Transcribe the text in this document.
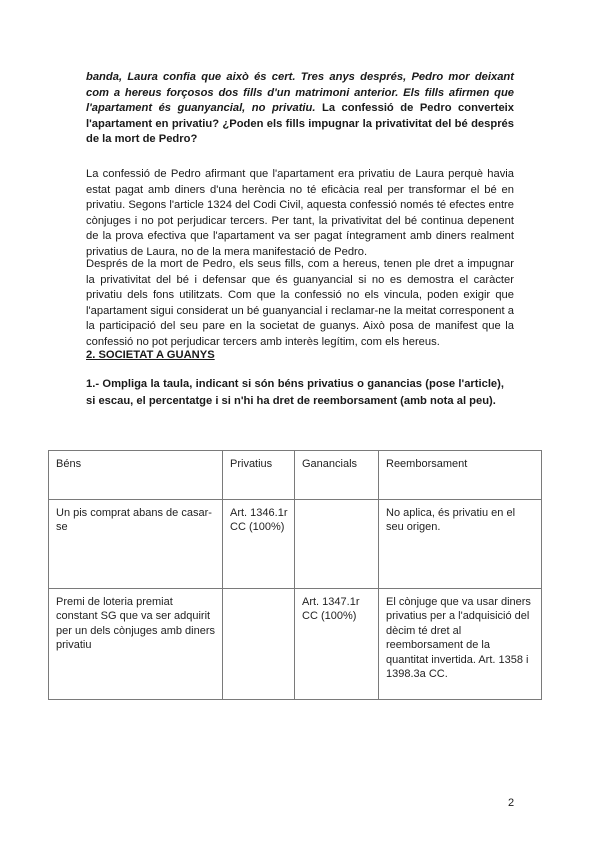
banda, Laura confia que això és cert. Tres anys després, Pedro mor deixant com a hereus forçosos dos fills d'un matrimoni anterior. Els fills afirmen que l'apartament és guanyancial, no privatiu. La confessió de Pedro converteix l'apartament en privatiu? ¿Poden els fills impugnar la privativitat del bé després de la mort de Pedro?

La confessió de Pedro afirmant que l'apartament era privatiu de Laura perquè havia estat pagat amb diners d'una herència no té eficàcia real per transformar el bé en privatiu. Segons l'article 1324 del Codi Civil, aquesta confessió només té efectes entre cònjuges i no pot perjudicar tercers. Per tant, la privativitat del bé continua depenent de la prova efectiva que l'apartament va ser pagat íntegrament amb diners realment privatius de Laura, no de la mera manifestació de Pedro.

Després de la mort de Pedro, els seus fills, com a hereus, tenen ple dret a impugnar la privativitat del bé i defensar que és guanyancial si no es demostra el caràcter privatiu dels fons utilitzats. Com que la confessió no els vincula, poden exigir que l'apartament sigui considerat un bé guanyancial i reclamar-ne la meitat corresponent a la participació del seu pare en la societat de guanys. Això posa de manifest que la confessió no pot perjudicar tercers amb interès legítim, com els hereus.

2. SOCIETAT A GUANYS

1.- Ompliga la taula, indicant si són béns privatius o ganancias (pose l'article), si escau, el percentatge i si n'hi ha dret de reemborsament (amb nota al peu).

Béns	Privatius	Ganancials	Reemborsament
Un pis comprat abans de casar-se	Art. 1346.1r CC (100%)		No aplica, és privatiu en el seu origen.
Premi de loteria premiat constant SG que va ser adquirit per un dels cònjuges amb diners privatiu		Art. 1347.1r CC (100%)	El cònjuge que va usar diners privatius per a l'adquisició del dècim té dret al reemborsament de la quantitat invertida. Art. 1358 i 1398.3a CC.

2
